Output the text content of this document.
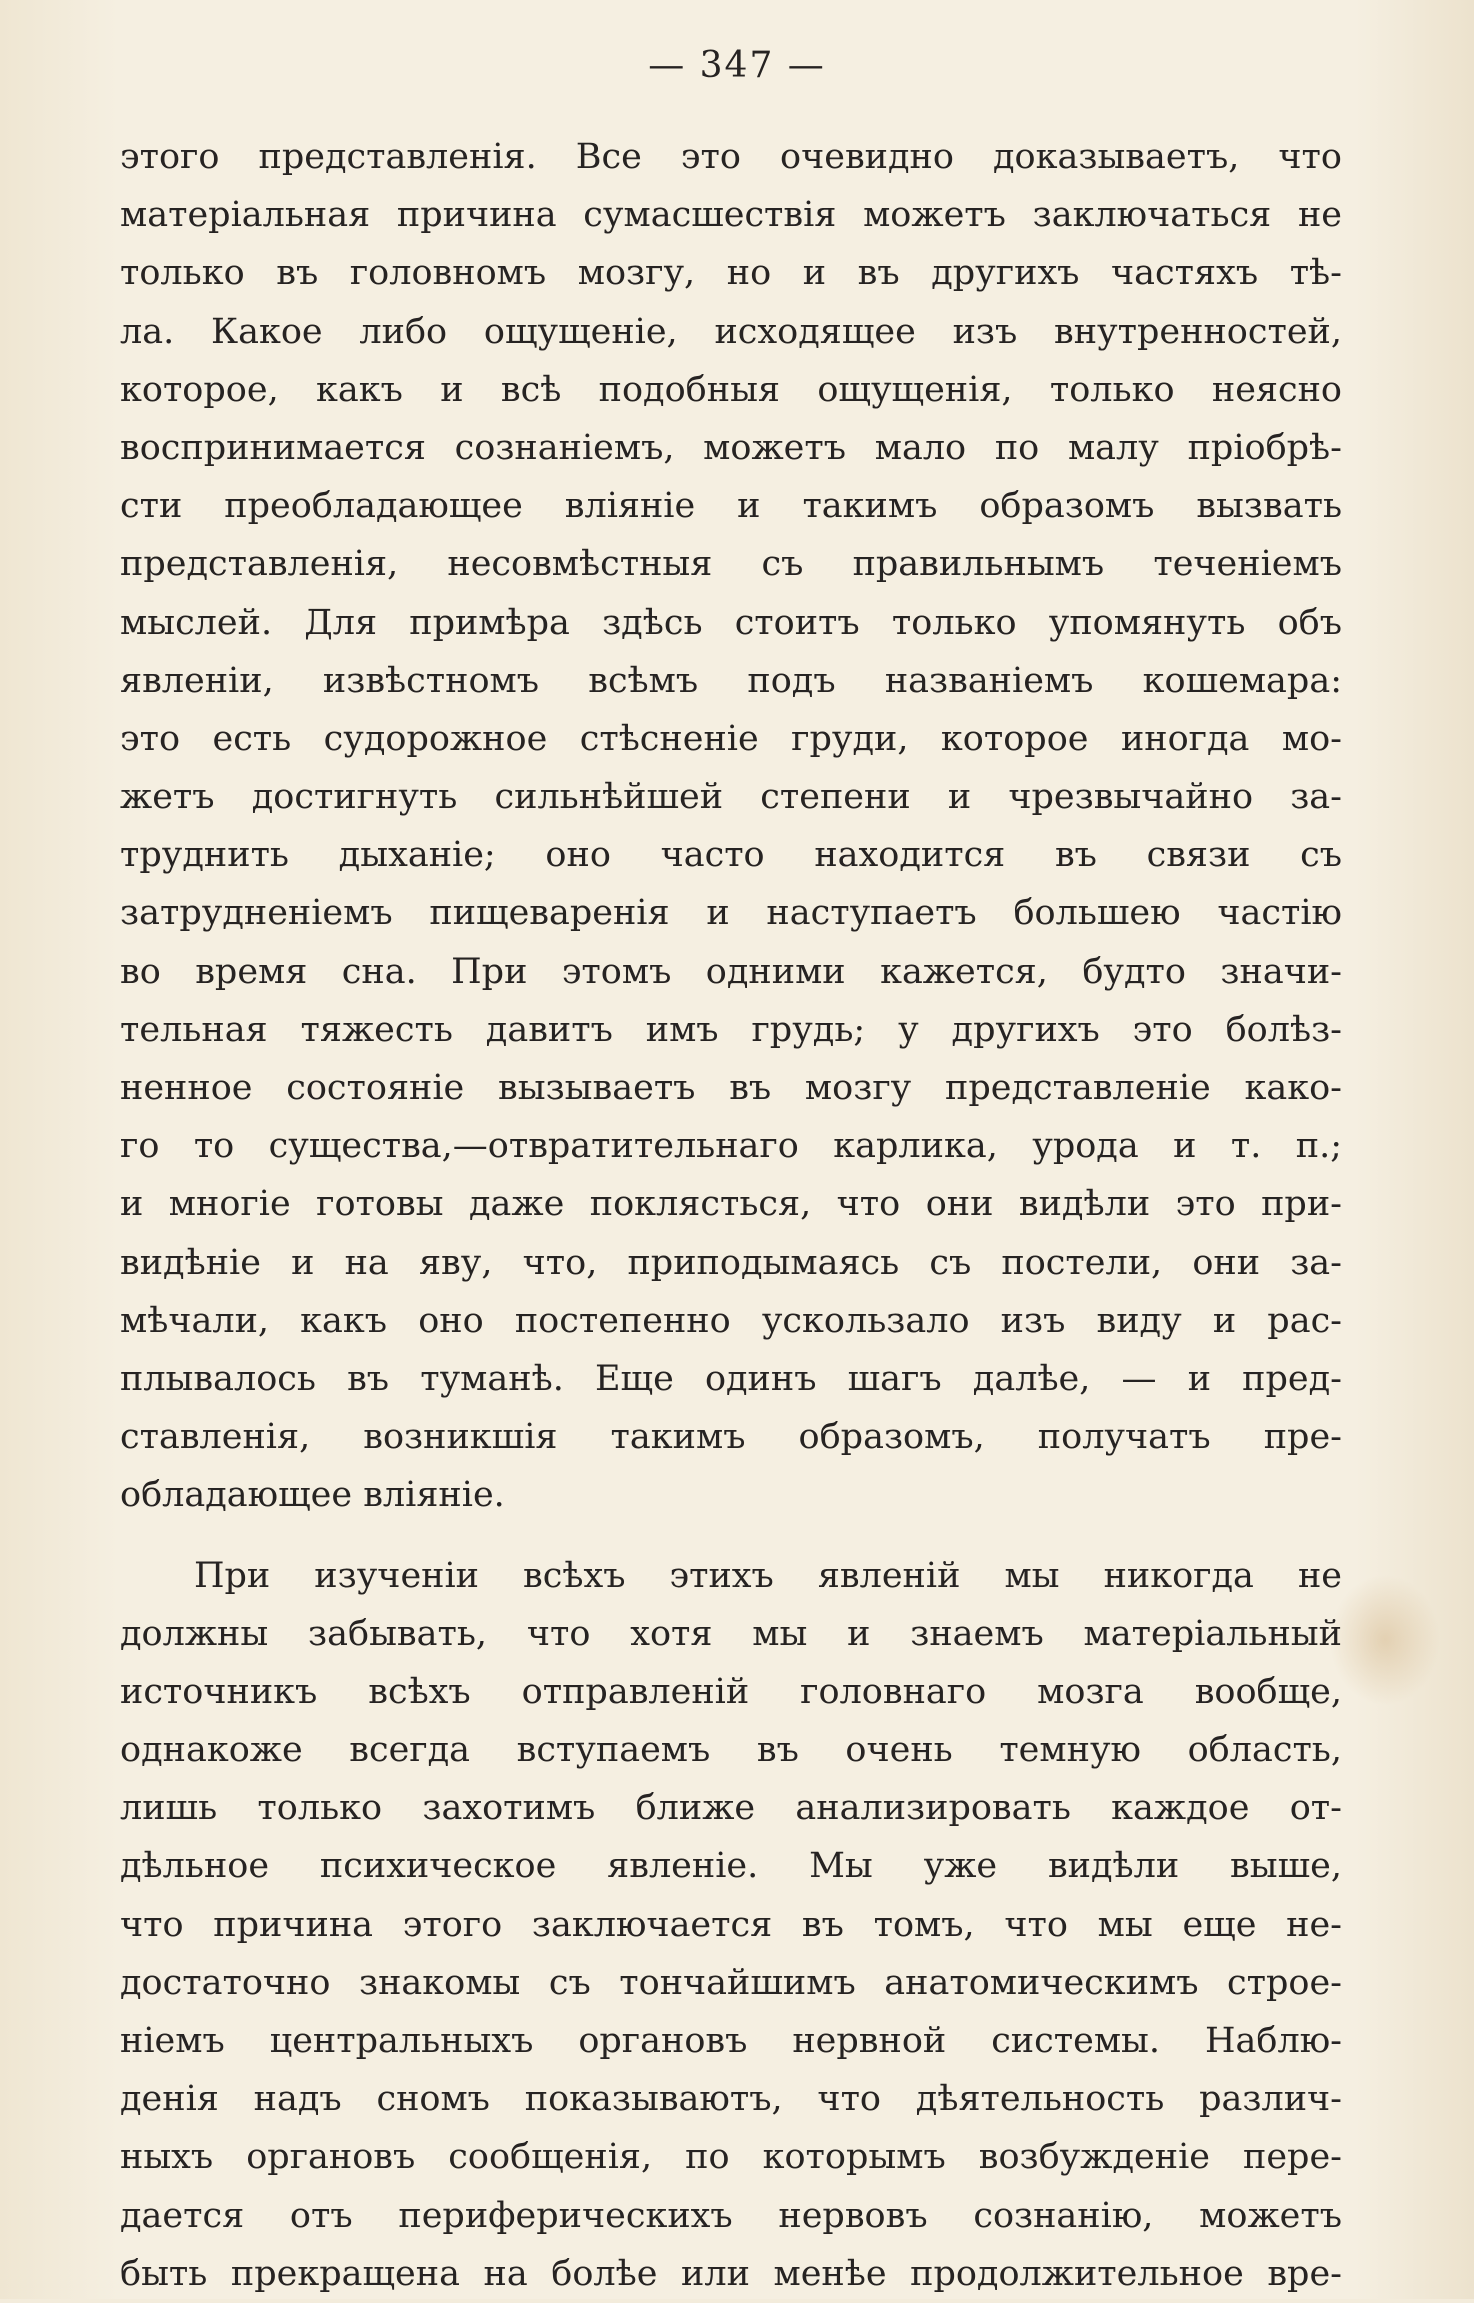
— 347 —
этого представленія. Все это очевидно доказываетъ, что
матеріальная причина сумасшествія можетъ заключаться не
только въ головномъ мозгу, но и въ другихъ частяхъ тѣ-
ла. Какое либо ощущеніе, исходящее изъ внутренностей,
которое, какъ и всѣ подобныя ощущенія, только неясно
воспринимается сознаніемъ, можетъ мало по малу пріобрѣ-
сти преобладающее вліяніе и такимъ образомъ вызвать
представленія, несовмѣстныя съ правильнымъ теченіемъ
мыслей. Для примѣра здѣсь стоитъ только упомянуть объ
явленіи, извѣстномъ всѣмъ подъ названіемъ кошемара:
это есть судорожное стѣсненіе груди, которое иногда мо-
жетъ достигнуть сильнѣйшей степени и чрезвычайно за-
труднить дыханіе; оно часто находится въ связи съ
затрудненіемъ пищеваренія и наступаетъ большею частію
во время сна. При этомъ одними кажется, будто значи-
тельная тяжесть давитъ имъ грудь; у другихъ это болѣз-
ненное состояніе вызываетъ въ мозгу представленіе како-
го то существа,—отвратительнаго карлика, урода и т. п.;
и многіе готовы даже поклясться, что они видѣли это при-
видѣніе и на яву, что, приподымаясь съ постели, они за-
мѣчали, какъ оно постепенно ускользало изъ виду и рас-
плывалось въ туманѣ. Еще одинъ шагъ далѣе, — и пред-
ставленія, возникшія такимъ образомъ, получатъ пре-
обладающее вліяніе.
При изученіи всѣхъ этихъ явленій мы никогда не
должны забывать, что хотя мы и знаемъ матеріальный
источникъ всѣхъ отправленій головнаго мозга вообще,
однакоже всегда вступаемъ въ очень темную область,
лишь только захотимъ ближе анализировать каждое от-
дѣльное психическое явленіе. Мы уже видѣли выше,
что причина этого заключается въ томъ, что мы еще не-
достаточно знакомы съ тончайшимъ анатомическимъ строе-
ніемъ центральныхъ органовъ нервной системы. Наблю-
денія надъ сномъ показываютъ, что дѣятельность различ-
ныхъ органовъ сообщенія, по которымъ возбужденіе пере-
дается отъ периферическихъ нервовъ сознанію, можетъ
быть прекращена на болѣе или менѣе продолжительное вре-
